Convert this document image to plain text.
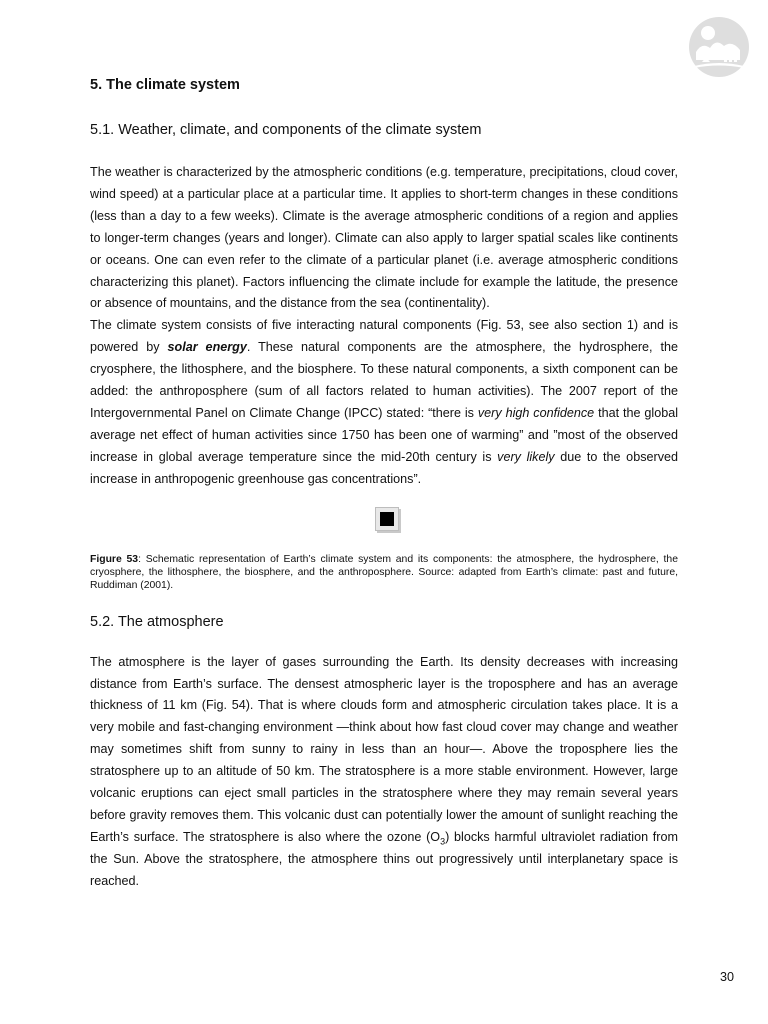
5. The climate system
5.1. Weather, climate, and components of the climate system

The weather is characterized by the atmospheric conditions (e.g. temperature, precipitations, cloud cover, wind speed) at a particular place at a particular time. It applies to short-term changes in these conditions (less than a day to a few weeks). Climate is the average atmospheric conditions of a region and applies to longer-term changes (years and longer). Climate can also apply to larger spatial scales like continents or oceans. One can even refer to the climate of a particular planet (i.e. average atmospheric conditions characterizing this planet). Factors influencing the climate include for example the latitude, the presence or absence of mountains, and the distance from the sea (continentality).

The climate system consists of five interacting natural components (Fig. 53, see also section 1) and is powered by solar energy. These natural components are the atmosphere, the hydrosphere, the cryosphere, the lithosphere, and the biosphere. To these natural components, a sixth component can be added: the anthroposphere (sum of all factors related to human activities). The 2007 report of the Intergovernmental Panel on Climate Change (IPCC) stated: “there is very high confidence that the global average net effect of human activities since 1750 has been one of warming” and ”most of the observed increase in global average temperature since the mid-20th century is very likely due to the observed increase in anthropogenic greenhouse gas concentrations”.

Figure 53: Schematic representation of Earth’s climate system and its components: the atmosphere, the hydrosphere, the cryosphere, the lithosphere, the biosphere, and the anthroposphere. Source: adapted from Earth’s climate: past and future, Ruddiman (2001).

5.2. The atmosphere

The atmosphere is the layer of gases surrounding the Earth. Its density decreases with increasing distance from Earth’s surface. The densest atmospheric layer is the troposphere and has an average thickness of 11 km (Fig. 54). That is where clouds form and atmospheric circulation takes place. It is a very mobile and fast-changing environment —think about how fast cloud cover may change and weather may sometimes shift from sunny to rainy in less than an hour—. Above the troposphere lies the stratosphere up to an altitude of 50 km. The stratosphere is a more stable environment. However, large volcanic eruptions can eject small particles in the stratosphere where they may remain several years before gravity removes them. This volcanic dust can potentially lower the amount of sunlight reaching the Earth’s surface. The stratosphere is also where the ozone $(O_3)$ blocks harmful ultraviolet radiation from the Sun. Above the stratosphere, the atmosphere thins out progressively until interplanetary space is reached.

30
